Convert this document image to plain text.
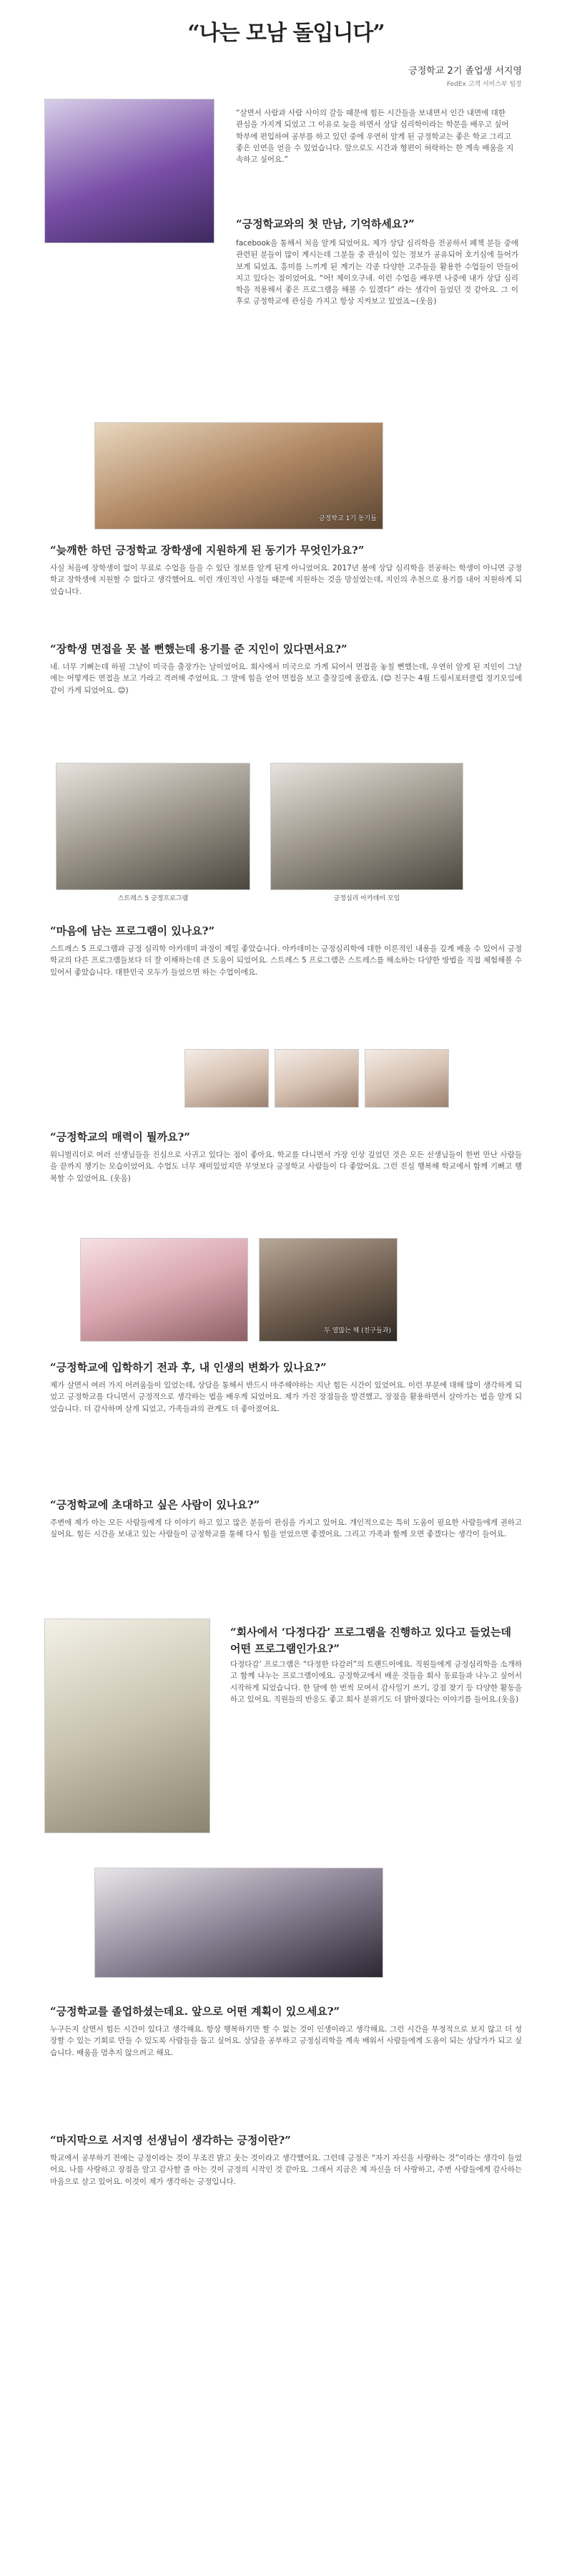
“나는 모남 돌입니다”
긍정학교 2기 졸업생 서지영
FedEx 고객 서비스부 팀장

“살면서 사람과 사람 사이의 갈등 때문에 힘든 시간들을 보내면서 인간 내면에 대한 관심을 가지게 되었고 그 이유로 늦을 하면서 상담 심리학이라는 학문을 배우고 싶어 학부에 편입하여 공부를 하고 있던 중에 우연히 알게 된 긍정학교는 좋은 학교 그리고 좋은 인연을 얻을 수 있었습니다. 앞으로도 시간과 형편이 허락하는 한 계속 배움을 지속하고 싶어요.”

“긍정학교와의 첫 만남, 기억하세요?”

facebook을 통해서 처음 알게 되었어요. 제가 상담 심리학을 전공하서 페책 분들 중에 관련된 분들이 많이 계시는데 그분들 중 관심이 있는 정보가 공유되어 호기심에 들어가 보게 되었죠. 흥미를 느끼게 된 계기는 각종 다양한 고주들을 활용한 수업들이 만들어지고 있다는 점이었어요. “어! 제이오구네. 이런 수업을 배우면 나중에 내가 상담 심리학을 적용해서 좋은 프로그램을 해볼 수 있겠다” 라는 생각이 들었던 것 같아요. 그 이후로 긍정학교에 관심을 가지고 항상 지켜보고 있었죠~(웃음)

긍정학교 1기 동기들
“늦깨한 하던 긍정학교 장학생에 지원하게 된 동기가 무엇인가요?”

사실 처음에 장학생이 없이 무료로 수업을 들을 수 있단 정보를 알게 된게 아니었어요. 2017년 봄에 상담 심리학을 전공하는 학생이 아니면 긍정학교 장학생에 지원할 수 없다고 생각했어요. 이런 개인적인 사정들 때문에 지원하는 것을 망설였는데, 지인의 추천으로 용기를 내어 지원하게 되었습니다.

“장학생 면접을 못 볼 뻔했는데 용기를 준 지인이 있다면서요?”

네. 너무 기뻐는데 하필 그날이 미국을 출장가는 날이었어요. 회사에서 미국으로 가게 되어서 면접을 놓칠 뻔했는데, 우연히 알게 된 지인이 그날에는 어떻게든 면접을 보고 가라고 격려해 주었어요. 그 말에 힘을 얻어 면접을 보고 출장길에 올랐죠. (😊 친구는 4월 드림서포터클럽 정기모임에 같이 가게 되었어요. 😊)

스트레스 5 긍정프로그램	긍정심리 아카데미 모임
“마음에 남는 프로그램이 있나요?”

스트레스 5 프로그램과 긍정 심리학 아카데미 과정이 제일 좋았습니다. 아카데미는 긍정심리학에 대한 이론적인 내용을 깊게 배울 수 있어서 긍정학교의 다른 프로그램들보다 더 잘 이해하는데 큰 도움이 되었어요. 스트레스 5 프로그램은 스트레스를 해소하는 다양한 방법을 직접 체험해볼 수 있어서 좋았습니다. 대한민국 모두가 들었으면 하는 수업이에요.

“긍정학교의 매력이 뭘까요?”

워니벌리더로 여러 선생님들을 진심으로 사귀고 있다는 점이 좋아요. 학교를 다니면서 가장 인상 깊었던 것은 모든 선생님들이 한번 만난 사람들을 끝까지 챙기는 모습이었어요. 수업도 너무 재미있었지만 무엇보다 긍정학교 사람들이 다 좋았어요. 그런 진심 행복해 학교에서 함께 기뻐고 행복할 수 있었어요. (웃음)

두 열많는 해 (친구들과)
“긍정학교에 입학하기 전과 후, 내 인생의 변화가 있나요?”

제가 살면서 여러 가지 어려움들이 있었는데, 상담을 통해서 반드시 마주해야하는 지난 힘든 시간이 있었어요. 이런 부분에 대해 많이 생각하게 되었고 긍정학교를 다니면서 긍정적으로 생각하는 법을 배우게 되었어요. 제가 가진 장점들을 발견했고, 장점을 활용하면서 살아가는 법을 알게 되었습니다. 더 감사하며 살게 되었고, 가족들과의 관계도 더 좋아졌어요.

“긍정학교에 초대하고 싶은 사람이 있나요?”

주변에 제가 아는 모든 사람들에게 다 이야기 하고 있고 많은 분들이 관심을 가지고 있어요. 개인적으로는 특히 도움이 필요한 사람들에게 권하고 싶어요. 힘든 시간을 보내고 있는 사람들이 긍정학교를 통해 다시 힘을 얻었으면 좋겠어요. 그리고 가족과 함께 오면 좋겠다는 생각이 들어요.

“회사에서 ‘다정다감’ 프로그램을 진행하고 있다고 들었는데 어떤 프로그램인가요?”

다정다감’ 프로그램은 “다정한 다감러”의 트랜드이에요. 직원들에게 긍정심리학을 소개하고 함께 나누는 프로그램이에요. 긍정학교에서 배운 것들을 회사 동료들과 나누고 싶어서 시작하게 되었습니다. 한 달에 한 번씩 모여서 감사일기 쓰기, 강점 찾기 등 다양한 활동을 하고 있어요. 직원들의 반응도 좋고 회사 분위기도 더 밝아졌다는 이야기를 들어요.(웃음)

“긍정학교를 졸업하셨는데요. 앞으로 어떤 계획이 있으세요?”

누구든지 살면서 힘든 시간이 있다고 생각해요. 항상 행복하기만 할 수 없는 것이 인생이라고 생각해요. 그런 시간을 부정적으로 보지 않고 더 성장할 수 있는 기회로 만들 수 있도록 사람들을 돕고 싶어요. 상담을 공부하고 긍정심리학을 계속 배워서 사람들에게 도움이 되는 상담가가 되고 싶습니다. 배움을 멈추지 않으려고 해요.

“마지막으로 서지영 선생님이 생각하는 긍정이란?”

학교에서 공부하기 전에는 긍정이라는 것이 무조건 밝고 웃는 것이라고 생각했어요. 그런데 긍정은 “자기 자신을 사랑하는 것”이라는 생각이 들었어요. 나를 사랑하고 장점을 알고 감사할 줄 아는 것이 긍정의 시작인 것 같아요. 그래서 지금은 제 자신을 더 사랑하고, 주변 사람들에게 감사하는 마음으로 살고 있어요. 이것이 제가 생각하는 긍정입니다.
